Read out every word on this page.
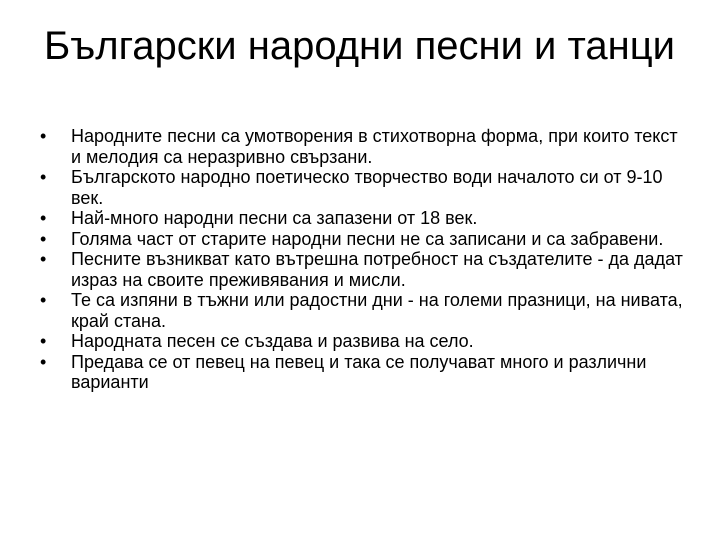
Български народни песни и танци
•	Народните песни са умотворения в стихотворна форма, при които текст и мелодия са неразривно свързани.
•	Българското народно поетическо творчество води началото си от 9-10 век.
•	Най-много народни песни са запазени от 18 век.
•	Голяма част от старите народни песни не са записани и са забравени.
•	Песните възникват като вътрешна потребност на създателите - да дадат израз на своите преживявания и мисли.
•	Те са изпяни в тъжни или радостни дни - на големи празници, на нивата, край стана.
•	Народната песен се създава и развива на село.
•	Предава се от певец на певец и така се получават много и различни варианти
